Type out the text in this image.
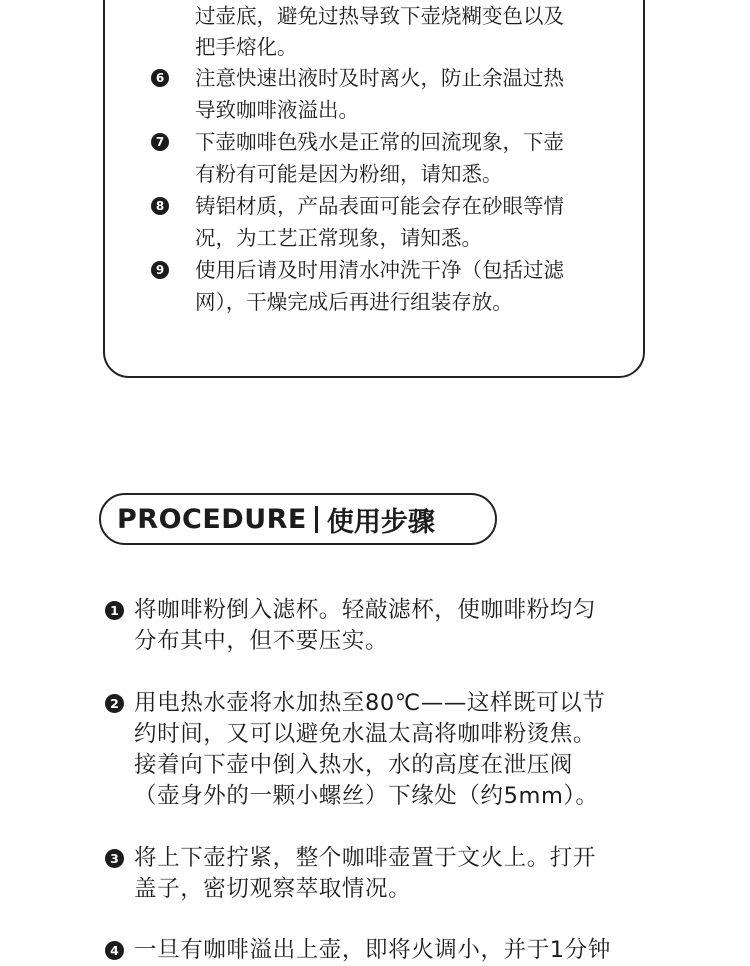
过壶底，避免过热导致下壶烧糊变色以及
把手熔化。
6 注意快速出液时及时离火，防止余温过热
导致咖啡液溢出。
7 下壶咖啡色残水是正常的回流现象，下壶
有粉有可能是因为粉细，请知悉。
8 铸铝材质，产品表面可能会存在砂眼等情
况，为工艺正常现象，请知悉。
9 使用后请及时用清水冲洗干净（包括过滤
网），干燥完成后再进行组装存放。
PROCEDURE 使用步骤
1 将咖啡粉倒入滤杯。轻敲滤杯，使咖啡粉均匀
分布其中，但不要压实。
2 用电热水壶将水加热至80℃——这样既可以节
约时间，又可以避免水温太高将咖啡粉烫焦。
接着向下壶中倒入热水，水的高度在泄压阀
（壶身外的一颗小螺丝）下缘处（约5mm）。
3 将上下壶拧紧，整个咖啡壶置于文火上。打开
盖子，密切观察萃取情况。
4 一旦有咖啡溢出上壶，即将火调小，并于1分钟
